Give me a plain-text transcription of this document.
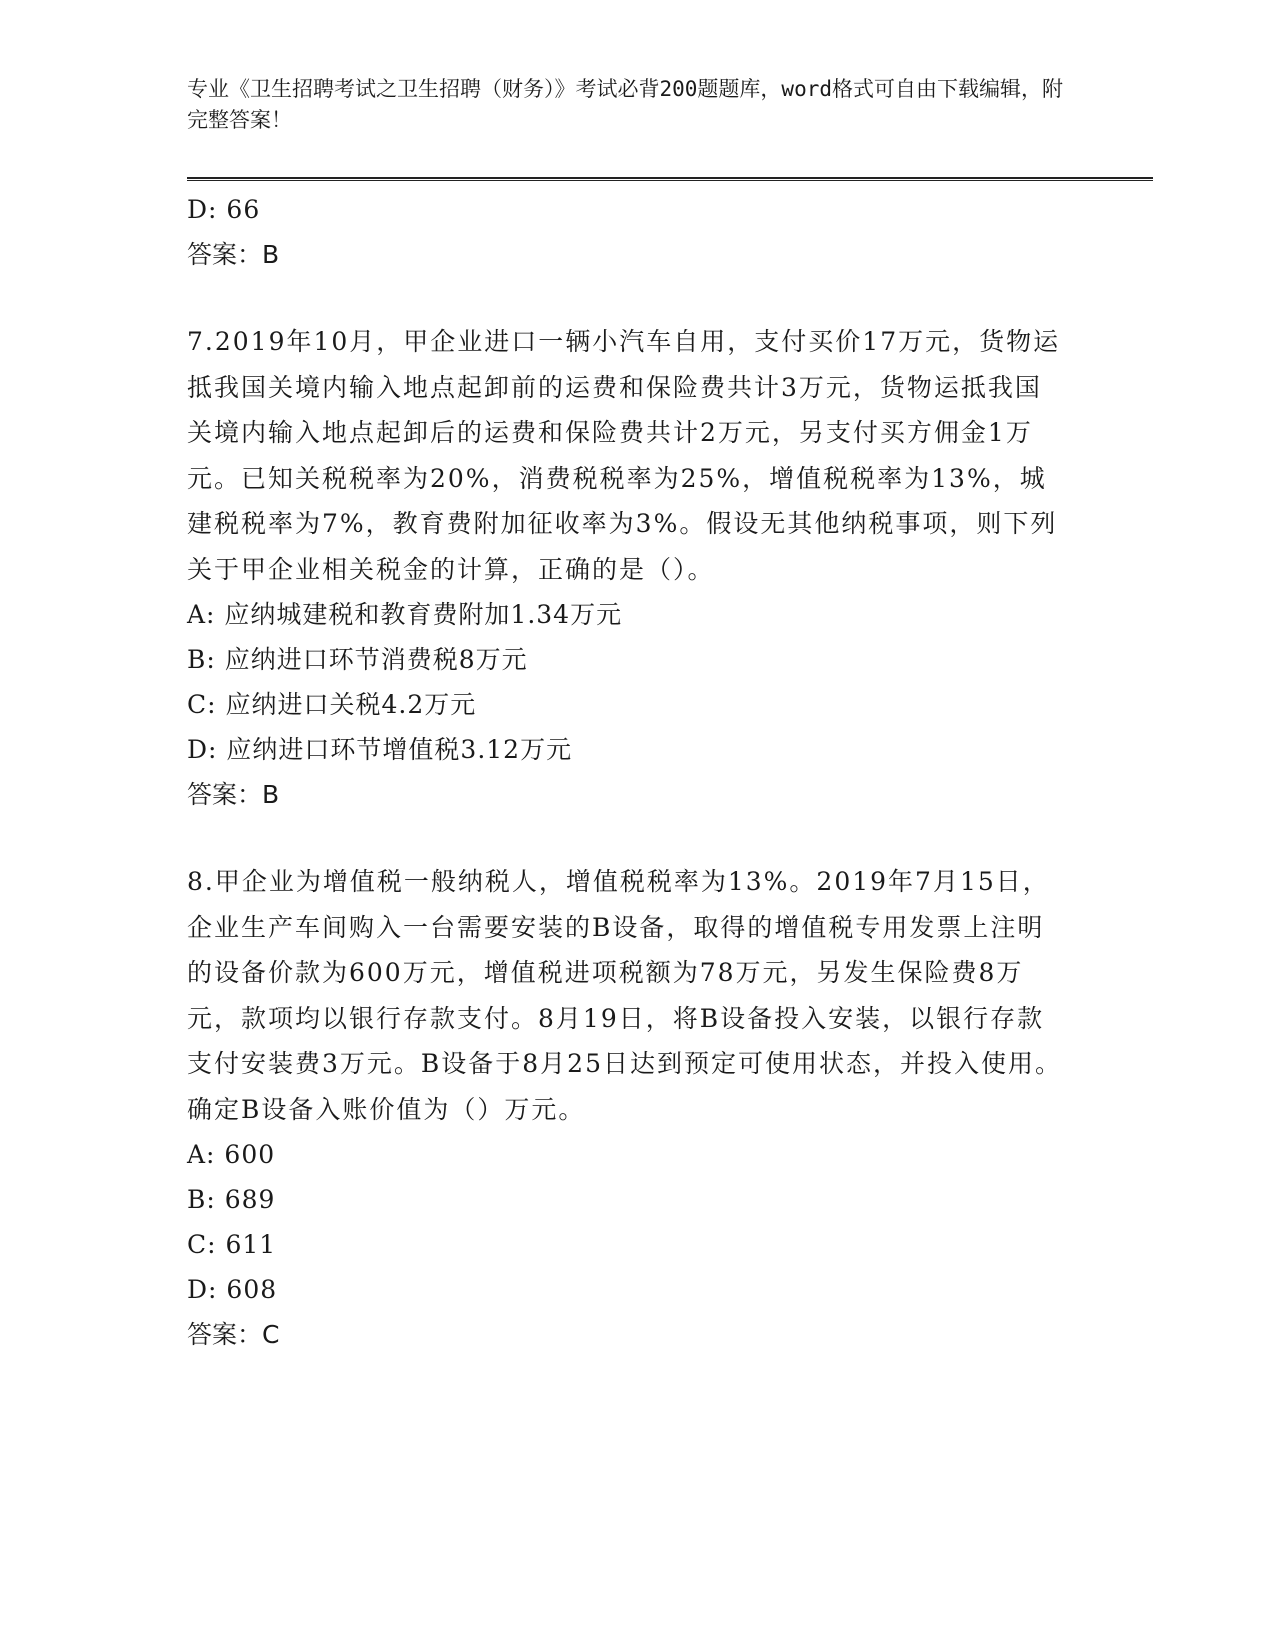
专业《卫生招聘考试之卫生招聘（财务）》考试必背200题题库，word格式可自由下载编辑，附完整答案！
D: 66
答案：B

7.2019年10月，甲企业进口一辆小汽车自用，支付买价17万元，货物运抵我国关境内输入地点起卸前的运费和保险费共计3万元，货物运抵我国关境内输入地点起卸后的运费和保险费共计2万元，另支付买方佣金1万元。已知关税税率为20%，消费税税率为25%，增值税税率为13%，城建税税率为7%，教育费附加征收率为3%。假设无其他纳税事项，则下列关于甲企业相关税金的计算，正确的是（）。

A: 应纳城建税和教育费附加1.34万元
B: 应纳进口环节消费税8万元
C: 应纳进口关税4.2万元
D: 应纳进口环节增值税3.12万元
答案：B

8.甲企业为增值税一般纳税人，增值税税率为13%。2019年7月15日，企业生产车间购入一台需要安装的B设备，取得的增值税专用发票上注明的设备价款为600万元，增值税进项税额为78万元，另发生保险费8万元，款项均以银行存款支付。8月19日，将B设备投入安装，以银行存款支付安装费3万元。B设备于8月25日达到预定可使用状态，并投入使用。确定B设备入账价值为（）万元。

A: 600
B: 689
C: 611
D: 608
答案：C
